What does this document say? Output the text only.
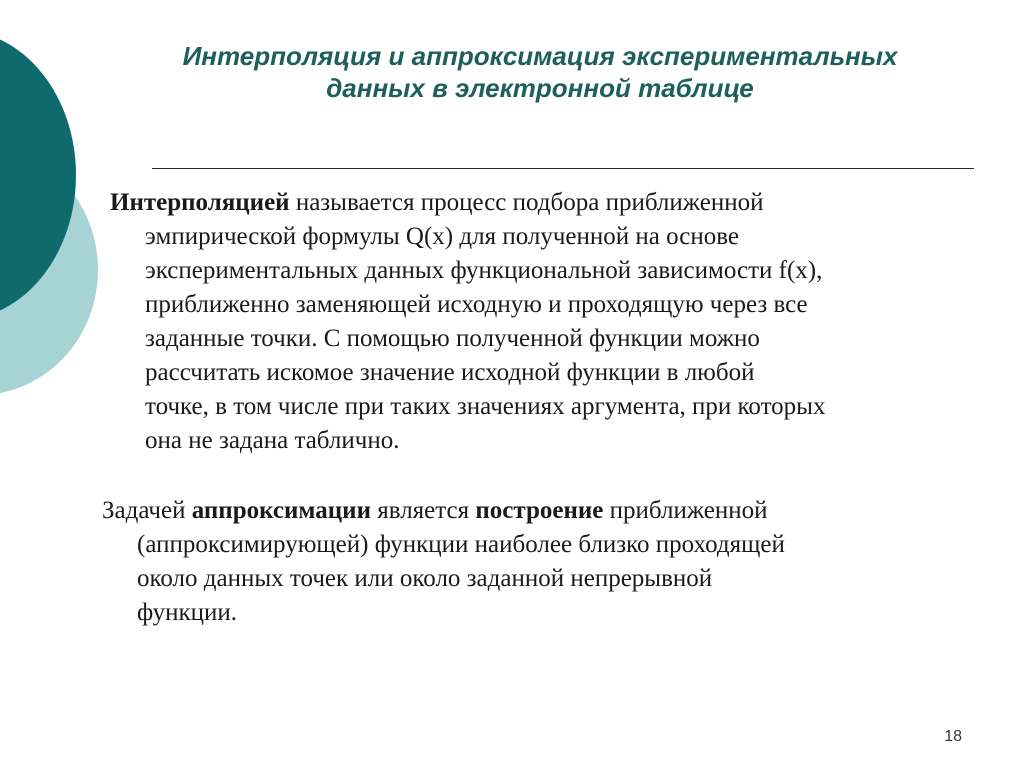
Интерполяция и аппроксимация экспериментальных
данных в электронной таблице

Интерполяцией называется процесс подбора приближенной
эмпирической формулы Q(x) для полученной на основе
экспериментальных данных функциональной зависимости f(x),
приближенно заменяющей исходную и проходящую через все
заданные точки. С помощью полученной функции можно
рассчитать искомое значение исходной функции в любой
точке, в том числе при таких значениях аргумента, при которых
она не задана таблично.

Задачей аппроксимации является построение приближенной
(аппроксимирующей) функции наиболее близко проходящей
около данных точек или около заданной непрерывной
функции.

18
